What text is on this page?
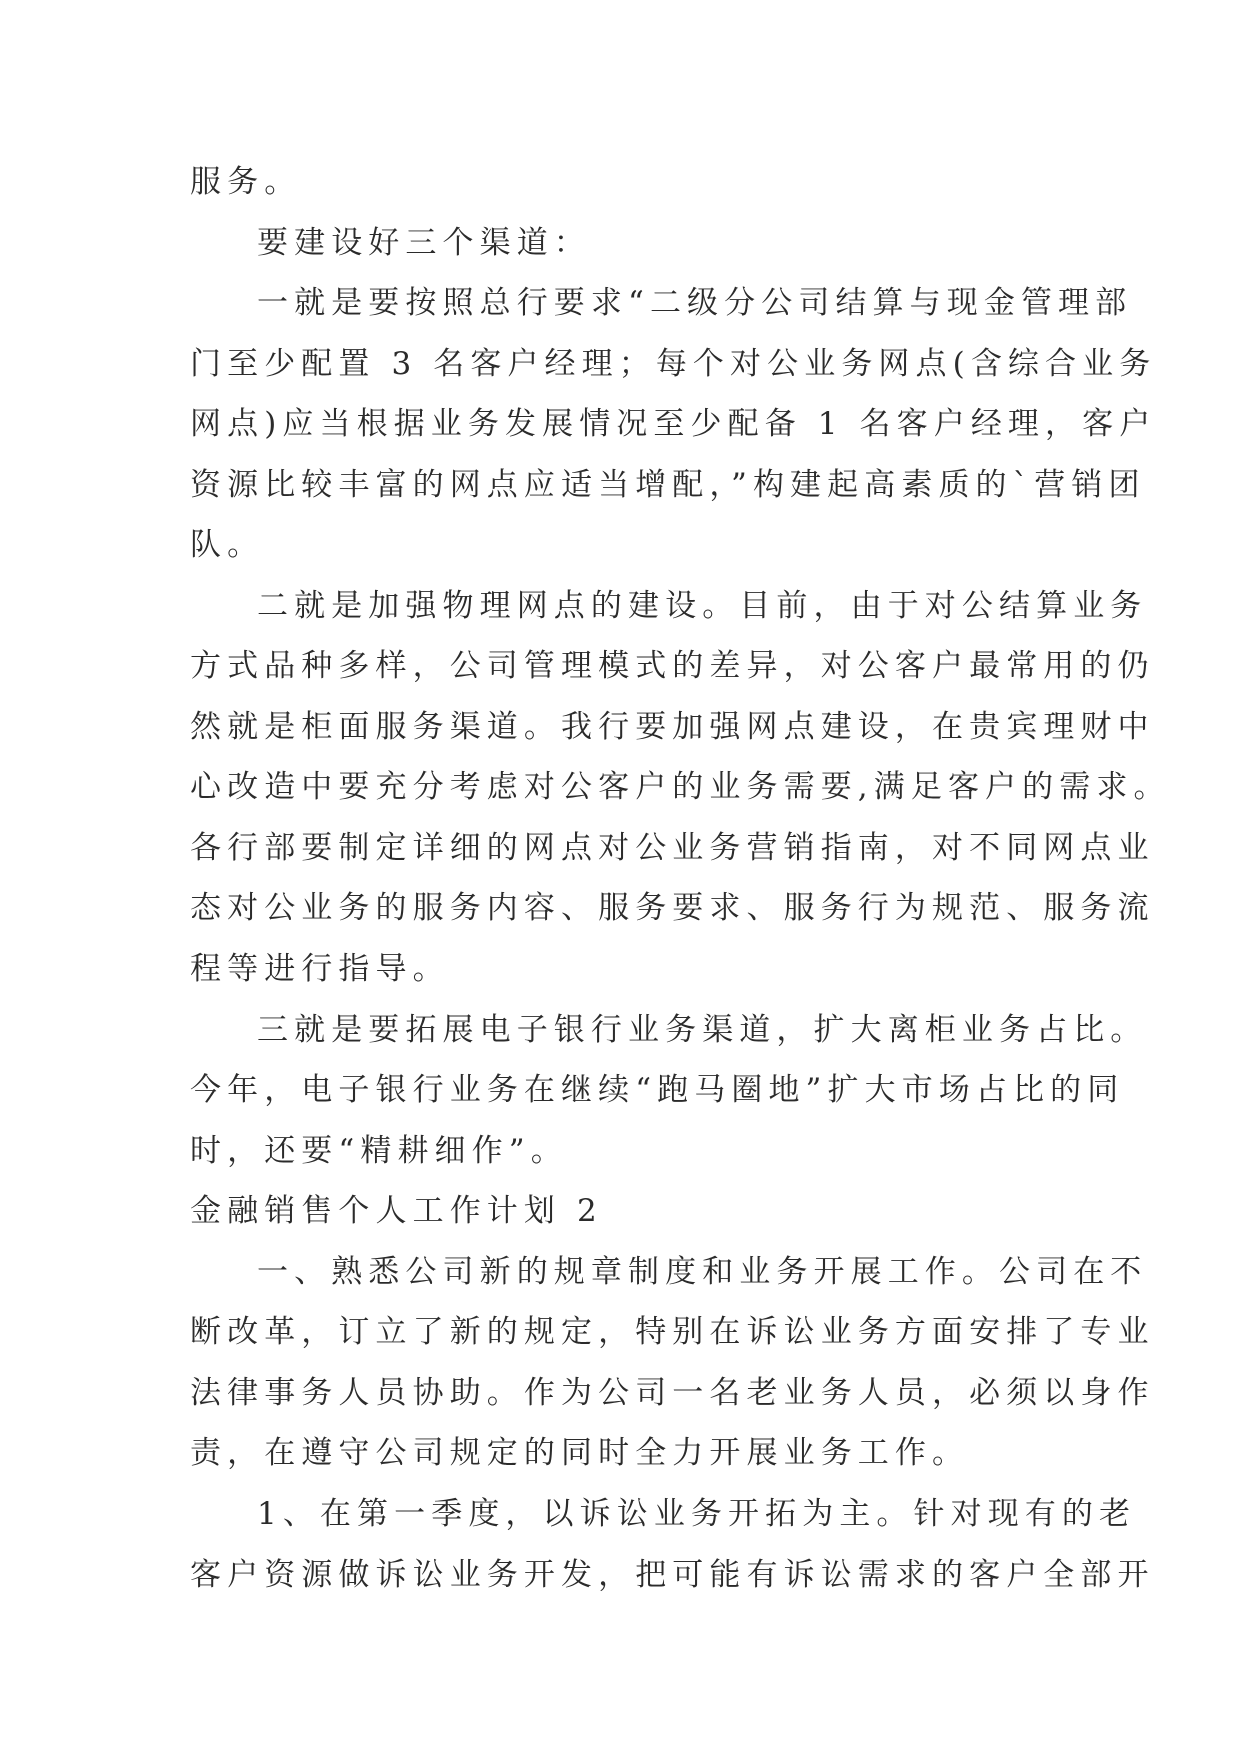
服务。
要建设好三个渠道：
一就是要按照总行要求“二级分公司结算与现金管理部
门至少配置 3 名客户经理；每个对公业务网点(含综合业务
网点)应当根据业务发展情况至少配备 1 名客户经理，客户
资源比较丰富的网点应适当增配，”构建起高素质的`营销团
队。
二就是加强物理网点的建设。目前，由于对公结算业务
方式品种多样，公司管理模式的差异，对公客户最常用的仍
然就是柜面服务渠道。我行要加强网点建设，在贵宾理财中
心改造中要充分考虑对公客户的业务需要,满足客户的需求。
各行部要制定详细的网点对公业务营销指南，对不同网点业
态对公业务的服务内容、服务要求、服务行为规范、服务流
程等进行指导。
三就是要拓展电子银行业务渠道，扩大离柜业务占比。
今年，电子银行业务在继续“跑马圈地”扩大市场占比的同
时，还要“精耕细作”。
金融销售个人工作计划 2
一、熟悉公司新的规章制度和业务开展工作。公司在不
断改革，订立了新的规定，特别在诉讼业务方面安排了专业
法律事务人员协助。作为公司一名老业务人员，必须以身作
责，在遵守公司规定的同时全力开展业务工作。
1、在第一季度，以诉讼业务开拓为主。针对现有的老
客户资源做诉讼业务开发，把可能有诉讼需求的客户全部开
